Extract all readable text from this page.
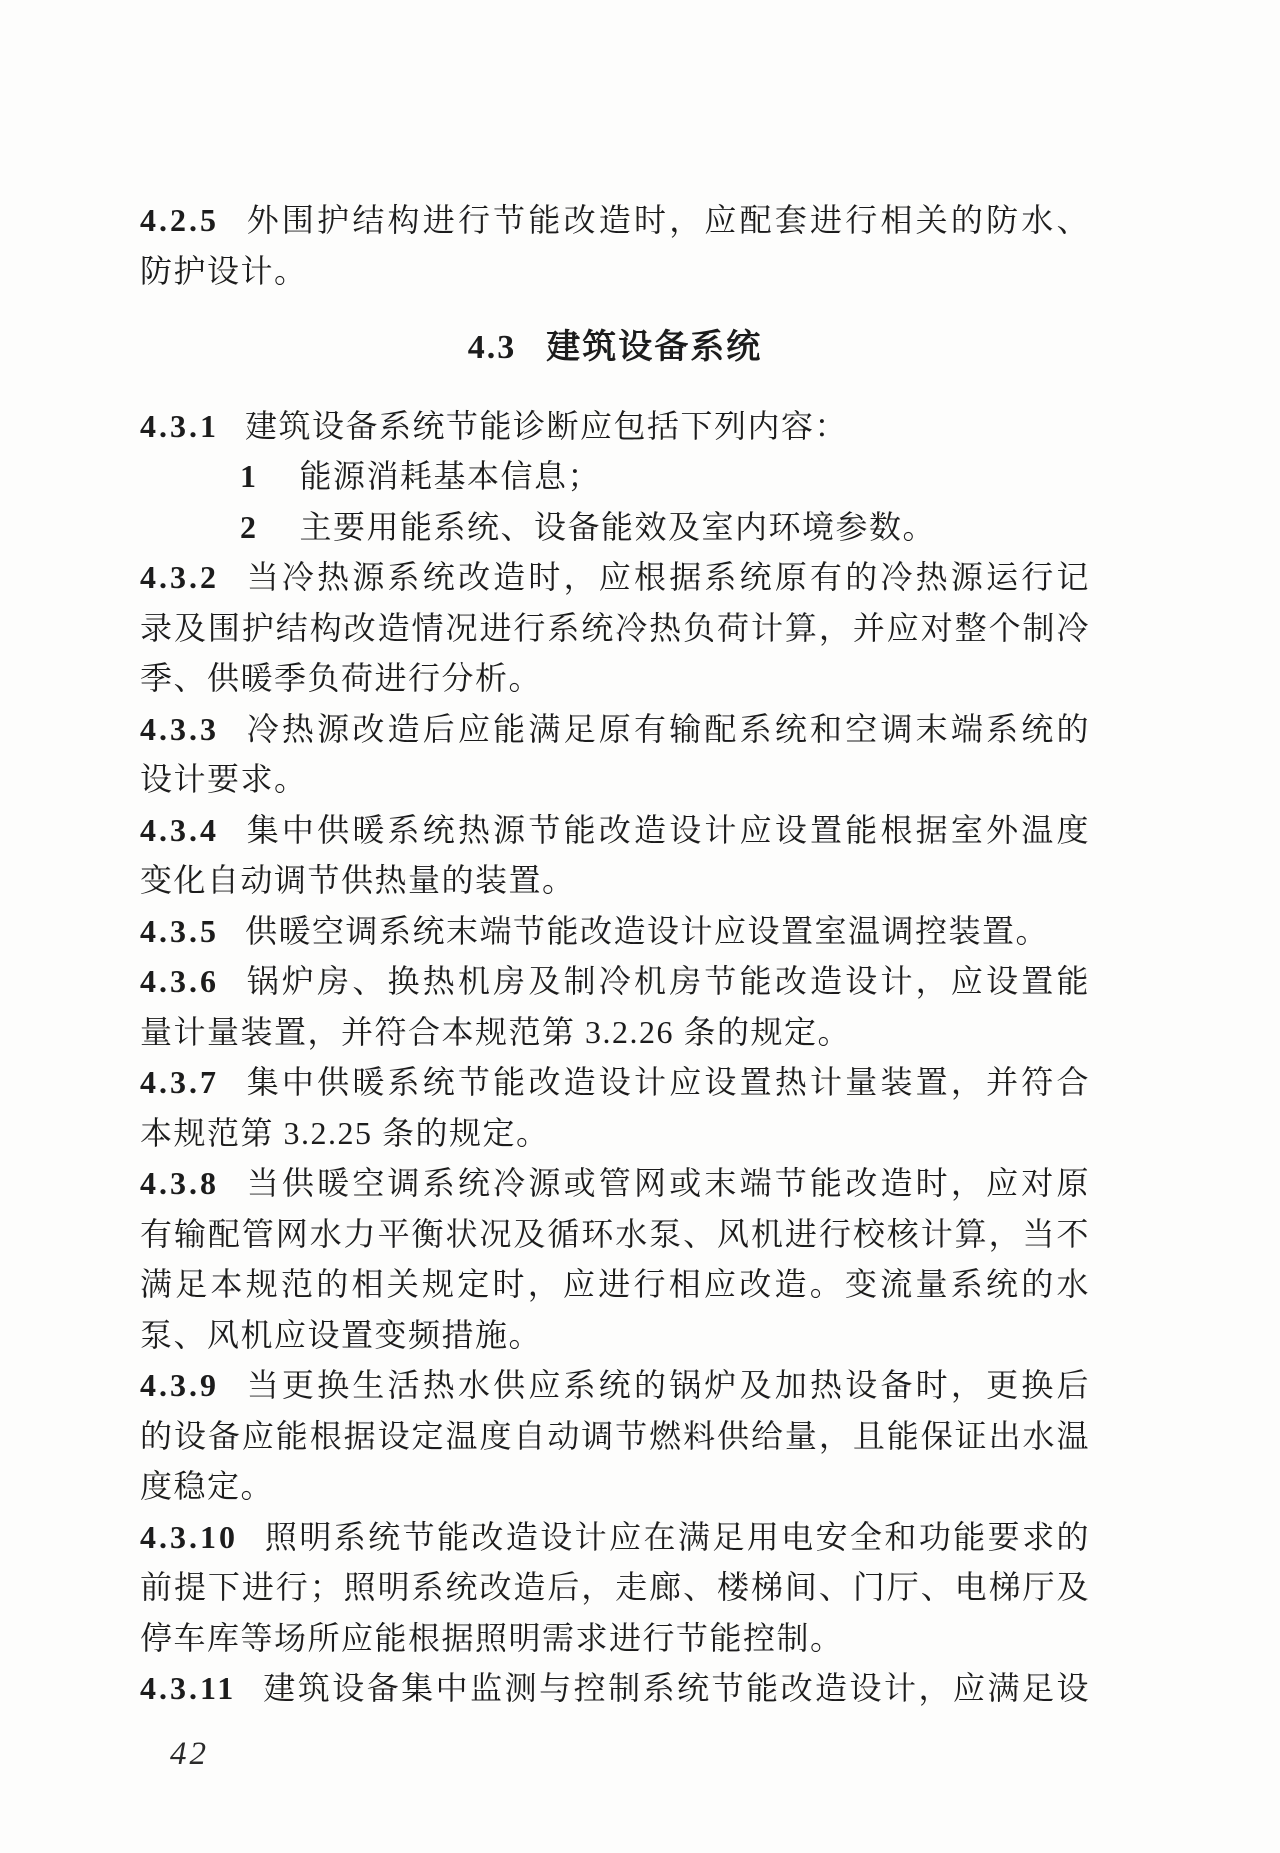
4.2.5 外围护结构进行节能改造时，应配套进行相关的防水、
防护设计。
4.3 建筑设备系统
4.3.1 建筑设备系统节能诊断应包括下列内容：
1 能源消耗基本信息；
2 主要用能系统、设备能效及室内环境参数。
4.3.2 当冷热源系统改造时，应根据系统原有的冷热源运行记
录及围护结构改造情况进行系统冷热负荷计算，并应对整个制冷
季、供暖季负荷进行分析。
4.3.3 冷热源改造后应能满足原有输配系统和空调末端系统的
设计要求。
4.3.4 集中供暖系统热源节能改造设计应设置能根据室外温度
变化自动调节供热量的装置。
4.3.5 供暖空调系统末端节能改造设计应设置室温调控装置。
4.3.6 锅炉房、换热机房及制冷机房节能改造设计，应设置能
量计量装置，并符合本规范第 3.2.26 条的规定。
4.3.7 集中供暖系统节能改造设计应设置热计量装置，并符合
本规范第 3.2.25 条的规定。
4.3.8 当供暖空调系统冷源或管网或末端节能改造时，应对原
有输配管网水力平衡状况及循环水泵、风机进行校核计算，当不
满足本规范的相关规定时，应进行相应改造。变流量系统的水
泵、风机应设置变频措施。
4.3.9 当更换生活热水供应系统的锅炉及加热设备时，更换后
的设备应能根据设定温度自动调节燃料供给量，且能保证出水温
度稳定。
4.3.10 照明系统节能改造设计应在满足用电安全和功能要求的
前提下进行；照明系统改造后，走廊、楼梯间、门厅、电梯厅及
停车库等场所应能根据照明需求进行节能控制。
4.3.11 建筑设备集中监测与控制系统节能改造设计，应满足设
42
